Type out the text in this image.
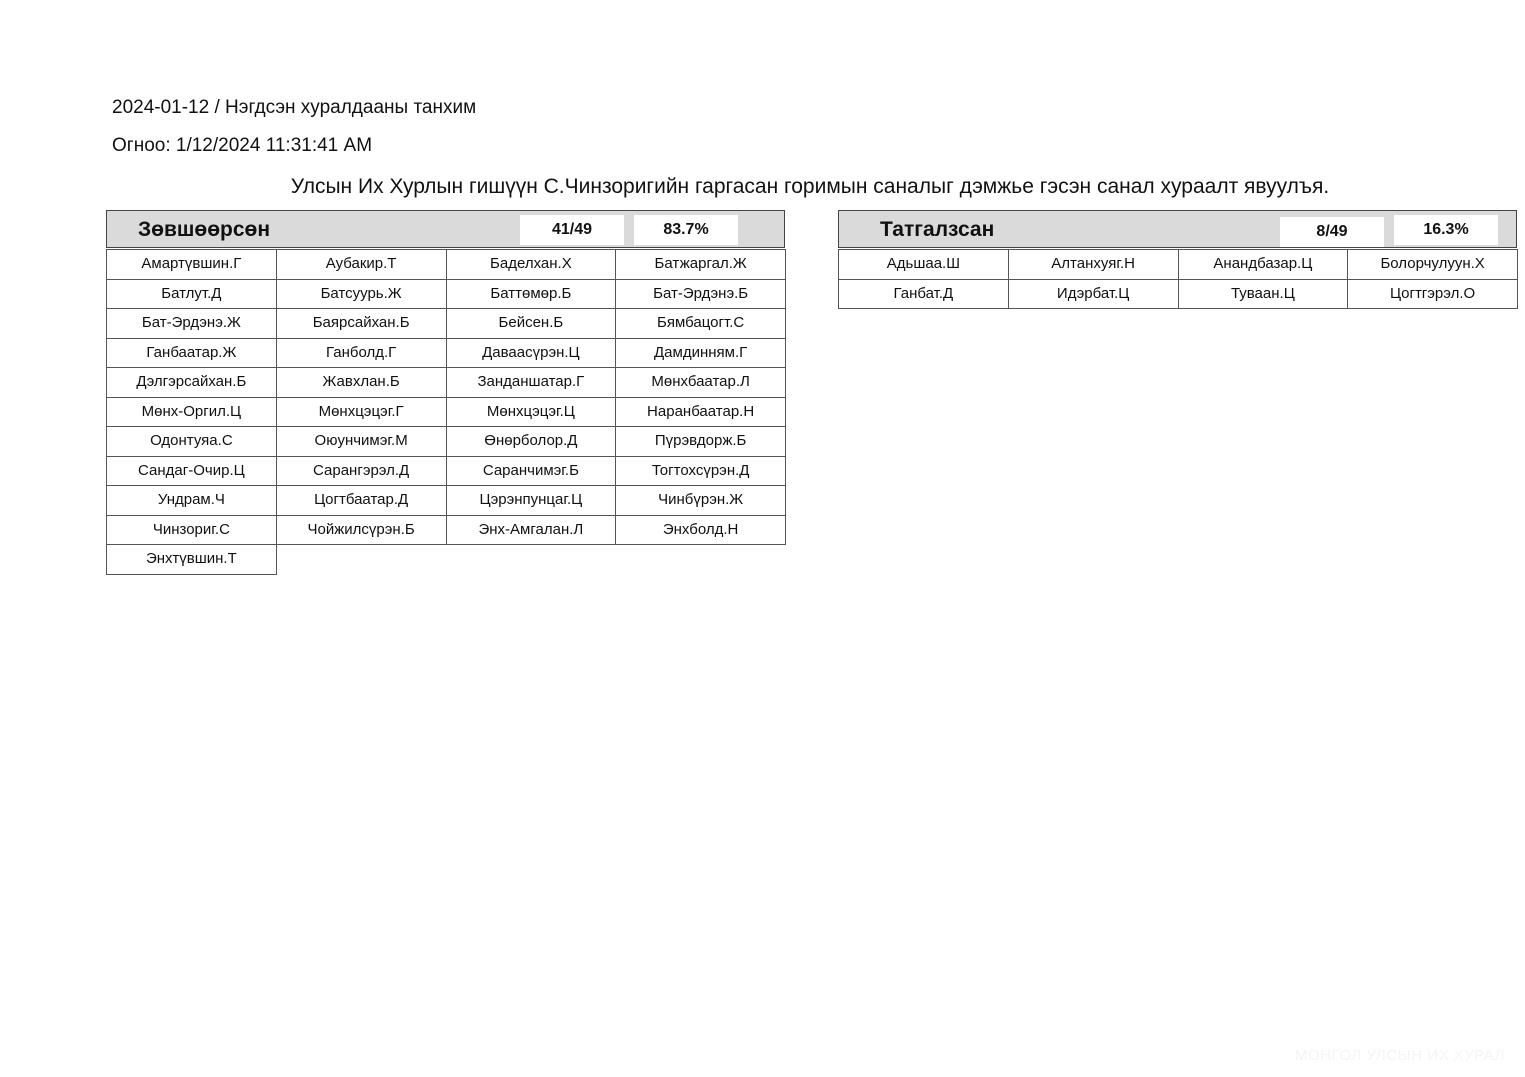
2024-01-12 / Нэгдсэн хуралдааны танхим
Огноо: 1/12/2024 11:31:41 AM
Улсын Их Хурлын гишүүн С.Чинзоригийн гаргасан горимын саналыг дэмжье гэсэн санал хураалт явуулъя.
Зөвшөөрсөн	41/49	83.7%
Амартүвшин.Г	Аубакир.Т	Баделхан.Х	Батжаргал.Ж
Батлут.Д	Батсуурь.Ж	Баттөмөр.Б	Бат-Эрдэнэ.Б
Бат-Эрдэнэ.Ж	Баярсайхан.Б	Бейсен.Б	Бямбацогт.С
Ганбаатар.Ж	Ганболд.Г	Даваасүрэн.Ц	Дамдинням.Г
Дэлгэрсайхан.Б	Жавхлан.Б	Занданшатар.Г	Мөнхбаатар.Л
Мөнх-Оргил.Ц	Мөнхцэцэг.Г	Мөнхцэцэг.Ц	Наранбаатар.Н
Одонтуяа.С	Оюунчимэг.М	Өнөрболор.Д	Пүрэвдорж.Б
Сандаг-Очир.Ц	Сарангэрэл.Д	Саранчимэг.Б	Тогтохсүрэн.Д
Ундрам.Ч	Цогтбаатар.Д	Цэрэнпунцаг.Ц	Чинбүрэн.Ж
Чинзориг.С	Чойжилсүрэн.Б	Энх-Амгалан.Л	Энхболд.Н
Энхтүвшин.Т
Татгалзсан	8/49	16.3%
Адьшаа.Ш	Алтанхуяг.Н	Анандбазар.Ц	Болорчулуун.Х
Ганбат.Д	Идэрбат.Ц	Туваан.Ц	Цогтгэрэл.О
МОНГОЛ УЛСЫН ИХ ХУРАЛ
